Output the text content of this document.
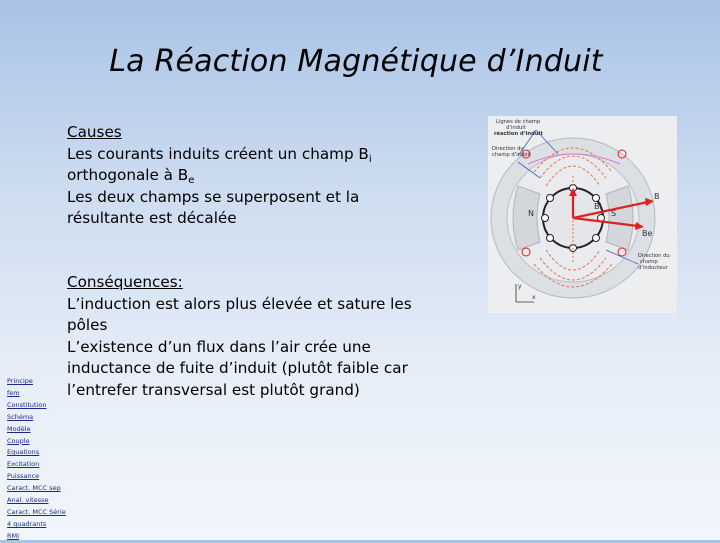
La Réaction Magnétique d’Induit
Causes
Les courants induits créent un champ $B_i$
orthogonale à $B_e$
Les deux champs se superposent et la
résultante est décalée
Conséquences:
L’induction est alors plus élevée et sature les
pôles
L’existence d’un flux dans l’air crée une
inductance de fuite d’induit (plutôt faible car
l’entrefer transversal est plutôt grand)
Principe
fem
Constitution
Schéma
Modèle
Couple
Equations
Excitation
Puissance
Caract. MCC sep
Anal. vitesse
Caract. MCC Série
4 quadrants
RMI
Lignes de champ
d’induit
réaction d’induit
Direction du
champ d’induit
Direction du
champ
d’inducteur
N	S
Bi
B
Be
y
x
